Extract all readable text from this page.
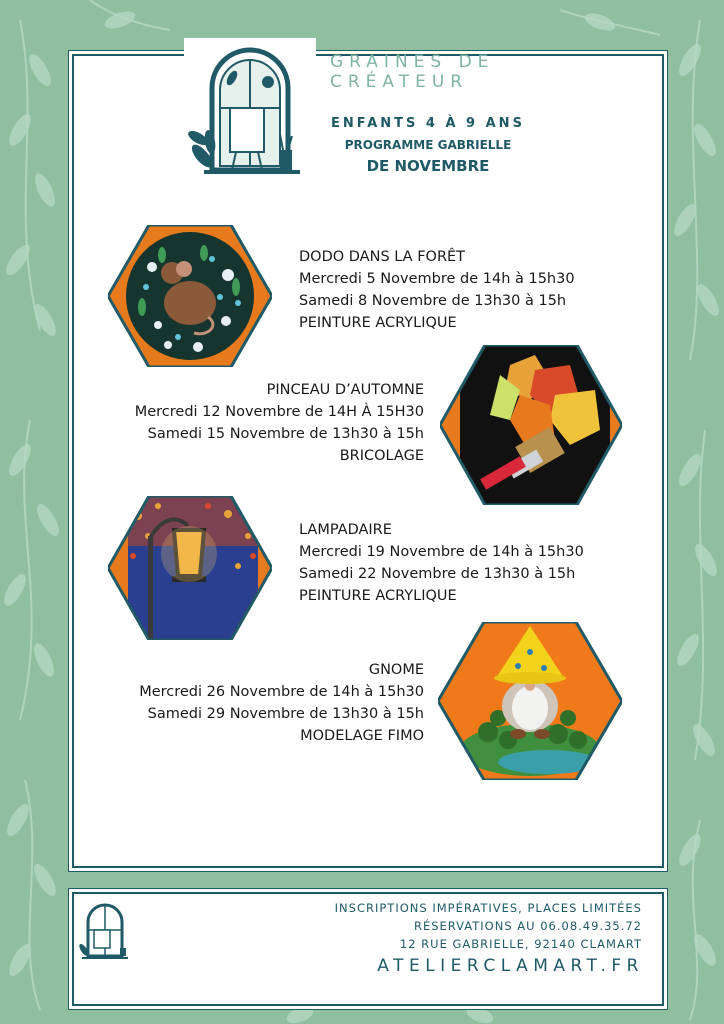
GRAINES DE
CRÉATEUR
ENFANTS 4 À 9 ANS
PROGRAMME GABRIELLE
DE NOVEMBRE
DODO DANS LA FORÊT
Mercredi 5 Novembre de 14h à 15h30
Samedi 8 Novembre de 13h30 à 15h
PEINTURE ACRYLIQUE
PINCEAU D’AUTOMNE
Mercredi 12 Novembre de 14H À 15H30
Samedi 15 Novembre de 13h30 à 15h
BRICOLAGE
LAMPADAIRE
Mercredi 19 Novembre de 14h à 15h30
Samedi 22 Novembre de 13h30 à 15h
PEINTURE ACRYLIQUE
GNOME
Mercredi 26 Novembre de 14h à 15h30
Samedi 29 Novembre de 13h30 à 15h
MODELAGE FIMO
INSCRIPTIONS IMPÉRATIVES, PLACES LIMITÉES
RÉSERVATIONS AU 06.08.49.35.72
12 RUE GABRIELLE, 92140 CLAMART
ATELIERCLAMART.FR
